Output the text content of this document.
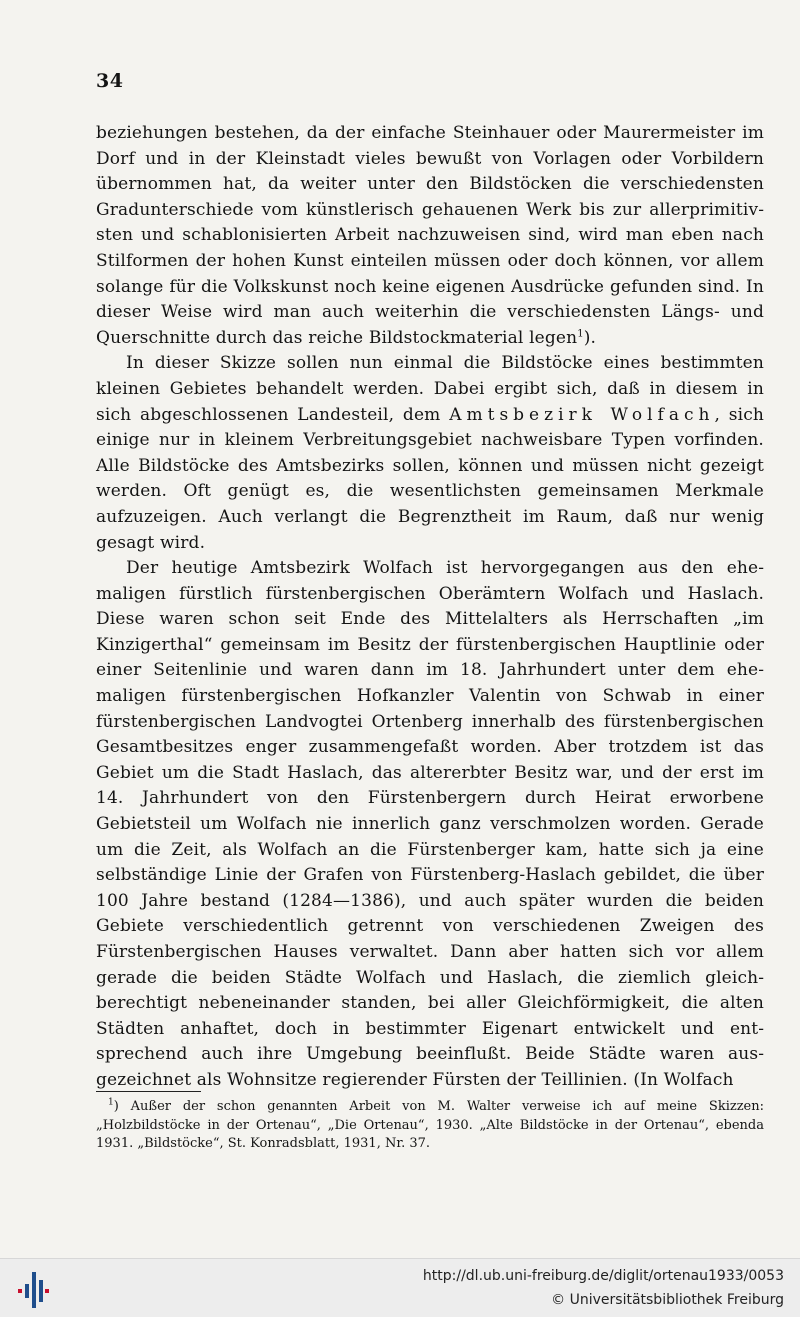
34

beziehungen bestehen, da der einfache Steinhauer oder Maurermeister im Dorf und in der Kleinstadt vieles bewußt von Vorlagen oder Vorbildern übernommen hat, da weiter unter den Bildstöcken die verschiedensten Gradunterschiede vom künstlerisch gehauenen Werk bis zur allerprimitivsten und schablonisierten Arbeit nachzuweisen sind, wird man eben nach Stilformen der hohen Kunst einteilen müssen oder doch können, vor allem solange für die Volkskunst noch keine eigenen Ausdrücke gefunden sind. In dieser Weise wird man auch weiterhin die verschiedensten Längs- und Querschnitte durch das reiche Bildstockmaterial legen$^1$).

In dieser Skizze sollen nun einmal die Bildstöcke eines bestimmten kleinen Gebietes behandelt werden. Dabei ergibt sich, daß in diesem in sich abgeschlossenen Landesteil, dem Amtsbezirk Wolfach, sich einige nur in kleinem Verbreitungsgebiet nachweisbare Typen vorfinden. Alle Bildstöcke des Amtsbezirks sollen, können und müssen nicht gezeigt werden. Oft genügt es, die wesentlichsten gemeinsamen Merkmale aufzuzeigen. Auch verlangt die Begrenztheit im Raum, daß nur wenig gesagt wird.

Der heutige Amtsbezirk Wolfach ist hervorgegangen aus den ehemaligen fürstlich fürstenbergischen Oberämtern Wolfach und Haslach. Diese waren schon seit Ende des Mittelalters als Herrschaften „im Kinzigerthal“ gemeinsam im Besitz der fürstenbergischen Hauptlinie oder einer Seitenlinie und waren dann im 18. Jahrhundert unter dem ehemaligen fürstenbergischen Hofkanzler Valentin von Schwab in einer fürstenbergischen Landvogtei Ortenberg innerhalb des fürstenbergischen Gesamtbesitzes enger zusammengefaßt worden. Aber trotzdem ist das Gebiet um die Stadt Haslach, das altererbter Besitz war, und der erst im 14. Jahrhundert von den Fürstenbergern durch Heirat erworbene Gebietsteil um Wolfach nie innerlich ganz verschmolzen worden. Gerade um die Zeit, als Wolfach an die Fürstenberger kam, hatte sich ja eine selbständige Linie der Grafen von Fürstenberg-Haslach gebildet, die über 100 Jahre bestand (1284—1386), und auch später wurden die beiden Gebiete verschiedentlich getrennt von verschiedenen Zweigen des Fürstenbergischen Hauses verwaltet. Dann aber hatten sich vor allem gerade die beiden Städte Wolfach und Haslach, die ziemlich gleichberechtigt nebeneinander standen, bei aller Gleichförmigkeit, die alten Städten anhaftet, doch in bestimmter Eigenart entwickelt und entsprechend auch ihre Umgebung beeinflußt. Beide Städte waren ausgezeichnet als Wohnsitze regierender Fürsten der Teillinien. (In Wolfach

$^1$) Außer der schon genannten Arbeit von M. Walter verweise ich auf meine Skizzen: „Holzbildstöcke in der Ortenau“, „Die Ortenau“, 1930. „Alte Bildstöcke in der Ortenau“, ebenda 1931. „Bildstöcke“, St. Konradsblatt, 1931, Nr. 37.

http://dl.ub.uni-freiburg.de/diglit/ortenau1933/0053
© Universitätsbibliothek Freiburg
